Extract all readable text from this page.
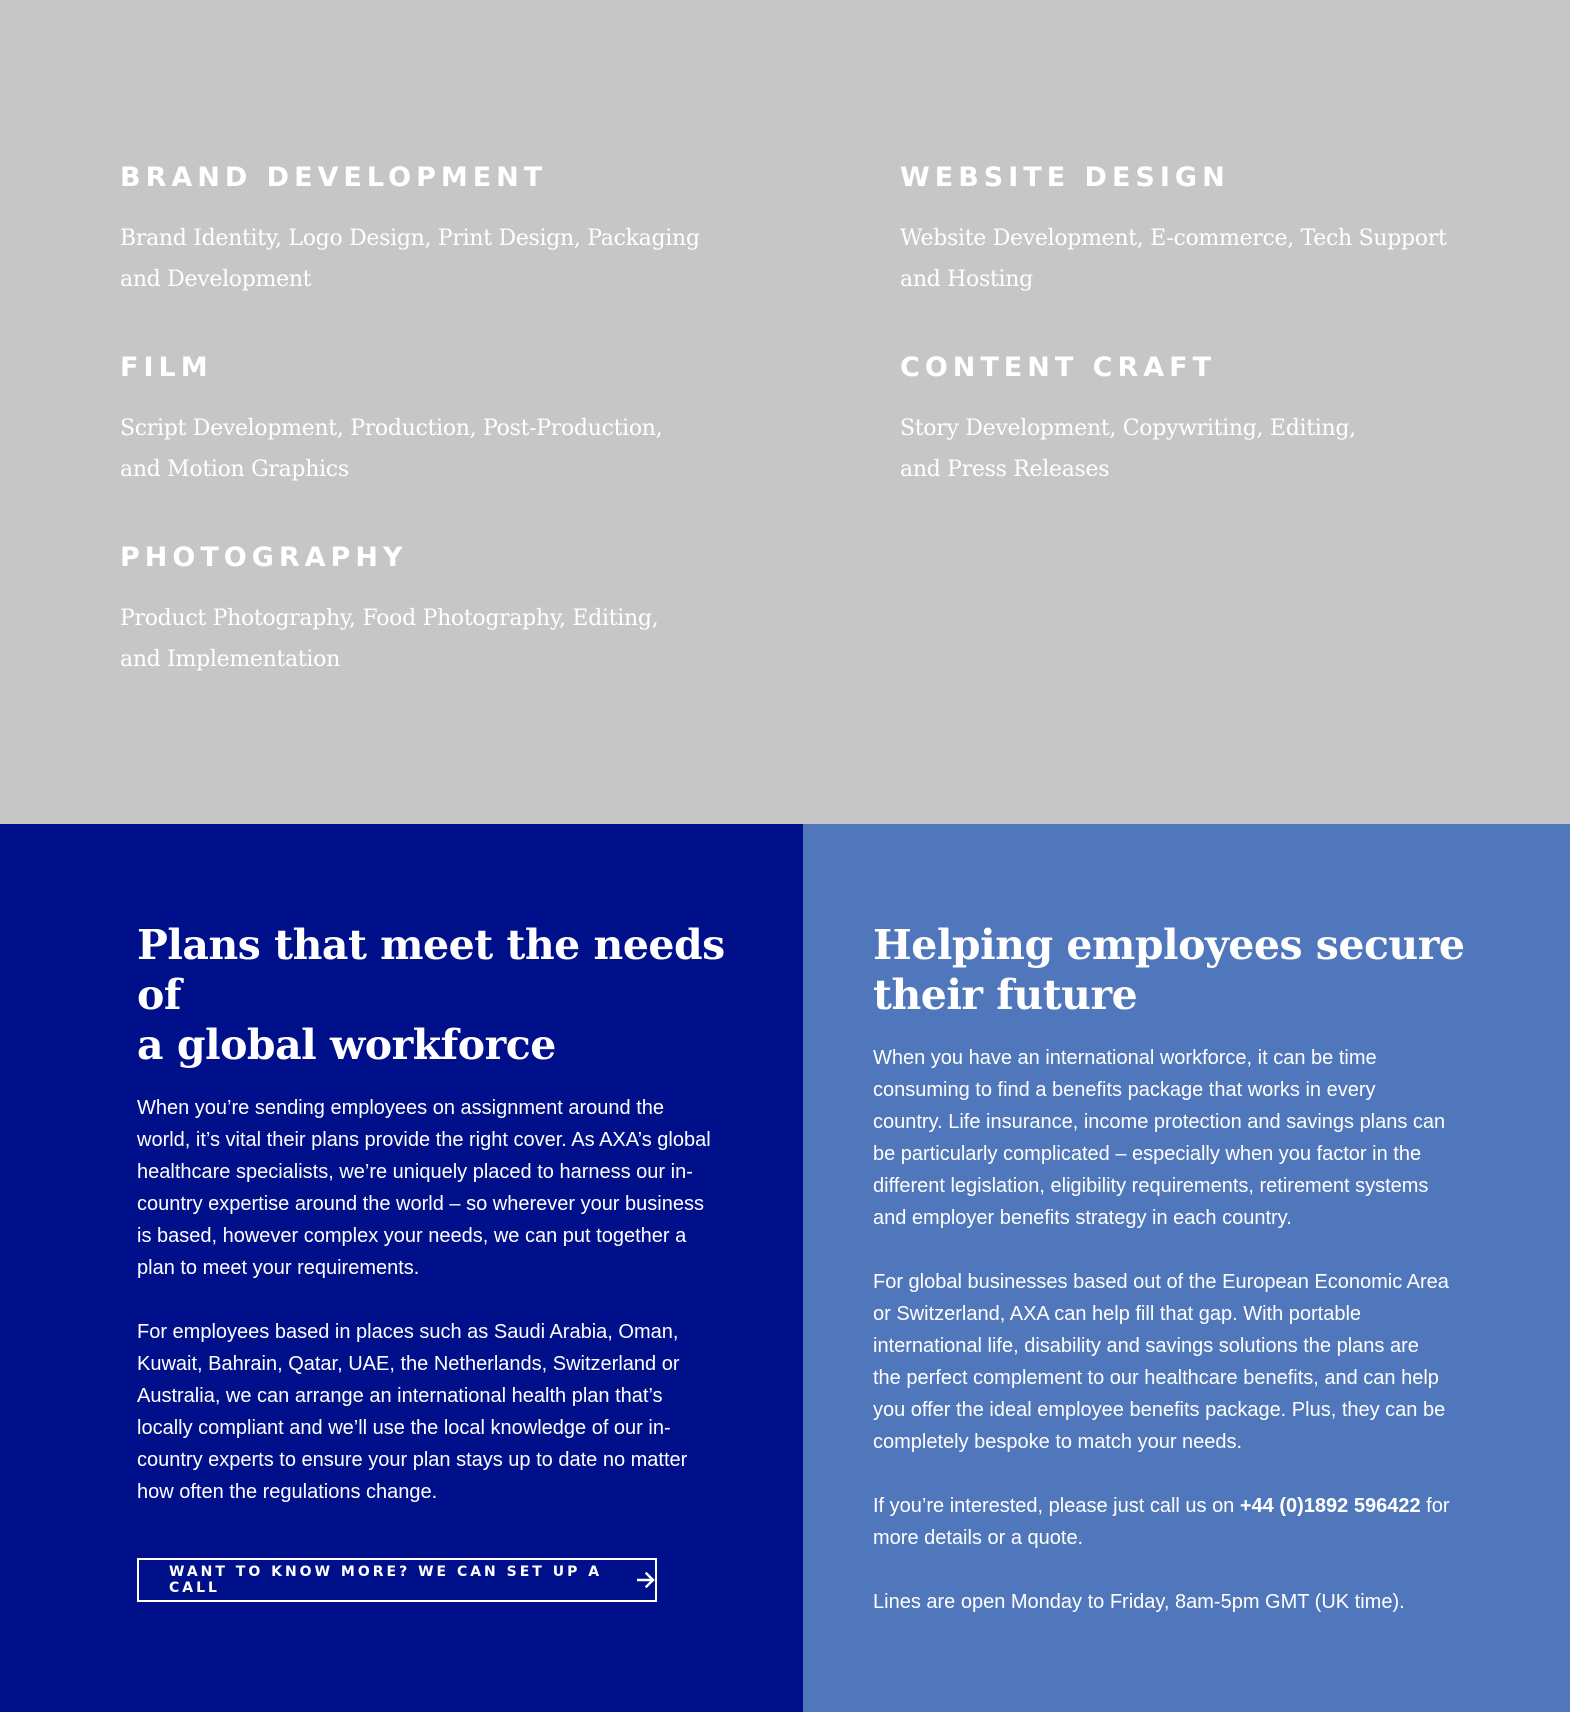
BRAND DEVELOPMENT

Brand Identity, Logo Design, Print Design, Packaging
and Development

FILM

Script Development, Production, Post-Production,
and Motion Graphics

PHOTOGRAPHY

Product Photography, Food Photography, Editing,
and Implementation

WEBSITE DESIGN

Website Development, E-commerce, Tech Support
and Hosting

CONTENT CRAFT

Story Development, Copywriting, Editing,
and Press Releases

Plans that meet the needs of
a global workforce

When you’re sending employees on assignment around the
world, it’s vital their plans provide the right cover. As AXA’s global
healthcare specialists, we’re uniquely placed to harness our in-
country expertise around the world – so wherever your business
is based, however complex your needs, we can put together a
plan to meet your requirements.

For employees based in places such as Saudi Arabia, Oman,
Kuwait, Bahrain, Qatar, UAE, the Netherlands, Switzerland or
Australia, we can arrange an international health plan that’s
locally compliant and we’ll use the local knowledge of our in-
country experts to ensure your plan stays up to date no matter
how often the regulations change.

WANT TO KNOW MORE? WE CAN SET UP A CALL
Helping employees secure
their future

When you have an international workforce, it can be time
consuming to find a benefits package that works in every
country. Life insurance, income protection and savings plans can
be particularly complicated – especially when you factor in the
different legislation, eligibility requirements, retirement systems
and employer benefits strategy in each country.

For global businesses based out of the European Economic Area
or Switzerland, AXA can help fill that gap. With portable
international life, disability and savings solutions the plans are
the perfect complement to our healthcare benefits, and can help
you offer the ideal employee benefits package. Plus, they can be
completely bespoke to match your needs.

If you’re interested, please just call us on +44 (0)1892 596422 for
more details or a quote.

Lines are open Monday to Friday, 8am-5pm GMT (UK time).
